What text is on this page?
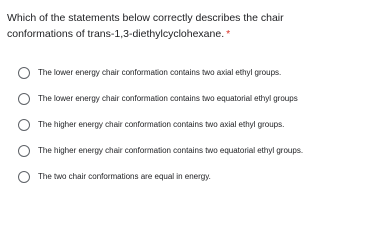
Which of the statements below correctly describes the chair conformations of trans-1,3-diethylcyclohexane. *
The lower energy chair conformation contains two axial ethyl groups.
The lower energy chair conformation contains two equatorial ethyl groups
The higher energy chair conformation contains two axial ethyl groups.
The higher energy chair conformation contains two equatorial ethyl groups.
The two chair conformations are equal in energy.
